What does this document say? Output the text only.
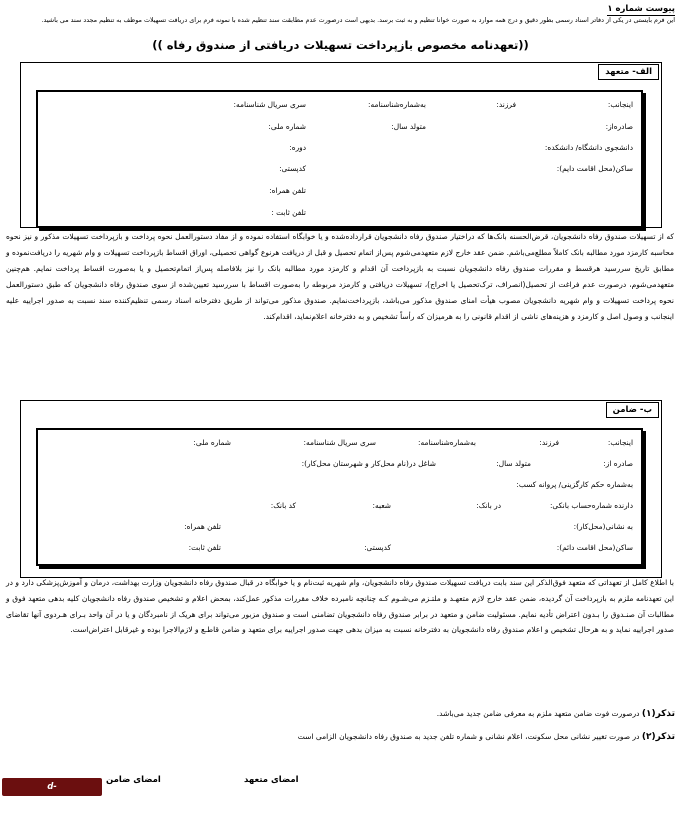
پیوست شماره ۱
این فرم بایستی در یکی از دفاتر اسناد رسمی بطور دقیق و درج همه موارد به صورت خوانا تنظیم و به ثبت برسد. بدیهی است درصورت عدم مطابقت سند تنظیم شده با نمونه فرم برای دریافت تسهیلات موظف به تنظیم مجدد سند می باشید.
((تعهدنامه مخصوص بازپرداخت تسهیلات دریافتی از صندوق رفاه ))
الف- متعهد
اینجانب:
فرزند:
به‌شماره‌شناسنامه:
سری سریال شناسنامه:
صادره‌از:
متولد سال:
شماره ملی:
دانشجوی دانشگاه/ دانشکده:
دوره:
ساکن(محل اقامت دایم):
کدپستی:
تلفن همراه:
تلفن ثابت :
که از تسهیلات صندوق رفاه دانشجویان، قرض‌الحسنه بانک‌ها که دراختیار صندوق رفاه دانشجویان قرارداده‌شده و یا خوابگاه استفاده نموده و از مفاد دستورالعمل نحوه پرداخت و بازپرداخت تسهیلات مذکور و نیز نحوه محاسبه کارمزد مورد مطالبه بانک کاملاً مطلع‌می‌باشم. ضمن عقد خارج لازم متعهدمی‌شوم پس‌از اتمام تحصیل و قبل از دریافت هرنوع گواهی تحصیلی، اوراق اقساط بازپرداخت تسهیلات و وام شهریه را دریافت‌نموده و مطابق تاریخ سررسید هرقسط و مقررات صندوق رفاه دانشجویان نسبت به بازپرداخت آن اقدام و کارمزد مورد مطالبه بانک را نیز بلافاصله پس‌از اتمام‌تحصیل و یا به‌صورت اقساط پرداخت نمایم. هم‌چنین متعهدمی‌شوم، درصورت عدم فراغت از تحصیل(انصراف، ترک‌تحصیل یا اخراج)، تسهیلات دریافتی و کارمزد مربوطه را به‌صورت اقساط با سررسید تعیین‌شده از سوی صندوق رفاه دانشجویان که طبق دستورالعمل نحوه پرداخت تسهیلات و وام شهریه دانشجویان مصوب هیأت امنای صندوق مذکور می‌باشد، بازپرداخت‌نمایم. صندوق مذکور می‌تواند از طریق دفترخانه اسناد رسمی تنظیم‌کننده سند نسبت به صدور اجراییه علیه اینجانب و وصول اصل و کارمزد و هزینه‌های ناشی از اقدام قانونی را به هرمیزان که رأساً تشخیص و به دفترخانه اعلام‌نماید، اقدام‌کند.
ب- ضامن
اینجانب:
فرزند:
به‌شماره‌شناسنامه:
سری سریال شناسنامه:
شماره ملی:
صادره از:
متولد سال:
شاغل در(نام محل‌کار و شهرستان محل‌کار):
به‌شماره حکم کارگزینی/ پروانه کسب:
دارنده شماره‌حساب بانکی:
در بانک:
شعبه:
کد بانک:
به نشانی(محل‌کار):
تلفن همراه:
ساکن(محل اقامت دائم):
کدپستی:
تلفن ثابت:
با اطلاع کامل از تعهداتی که متعهد فوق‌الذکر این سند بابت دریافت تسهیلات صندوق رفاه دانشجویان، وام شهریه ثبت‌نام و یا خوابگاه در قبال صندوق رفاه دانشجویان وزارت بهداشت، درمان و آموزش‌پزشکی دارد و در این تعهدنامه ملزم به بازپرداخت آن گردیده، ضمن عقد خارج لازم متعهـد و ملتـزم می‌شـوم کـه چنانچه نامبرده خلاف مقررات مذکور عمل‌کند، بمحض اعلام و تشخیص صندوق رفاه دانشجویان کلیه بدهی متعهد فوق و مطالبات آن صنـدوق را بـدون اعتراض تأدیه نمایم. مسئولیت ضامن و متعهد در برابر صندوق رفاه دانشجویان تضامنی است و صندوق مزبور می‌تواند برای هریک از نامبردگان و یا در آن واحد بـرای هـردوی آنها تقاضای صدور اجراییه نماید و به هرحال تشخیص و اعلام صندوق رفاه دانشجویان به دفترخانه نسبت به میزان بدهی جهت صدور اجراییه برای متعهد و ضامن قاطـع و لازم‌الاجرا بوده و غیرقابل اعتراض‌است.
تذکر(۱) درصورت فوت ضامن متعهد ملزم به معرفی ضامن جدید می‌باشد.
تذکر(۲) در صورت تغییر نشانی محل سکونت، اعلام نشانی و شماره تلفن جدید به صندوق رفاه دانشجویان الزامی است
امضای متعهد
امضای ضامن
d-bushehr.bums.ac.ir
